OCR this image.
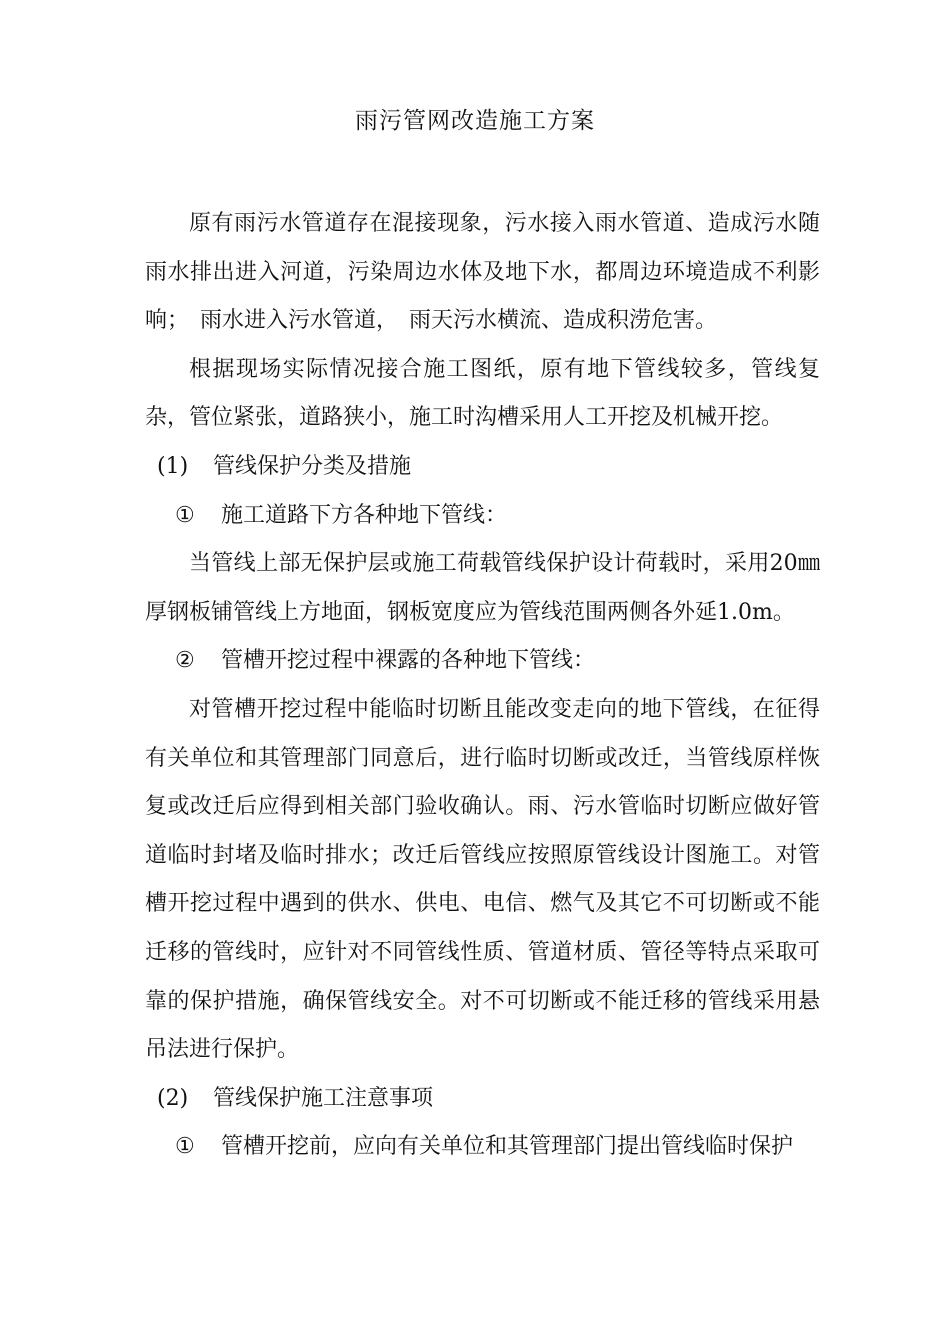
雨污管网改造施工方案

原有雨污水管道存在混接现象，污水接入雨水管道、造成污水随雨水排出进入河道，污染周边水体及地下水，都周边环境造成不利影响；　雨水进入污水管道，　雨天污水横流、造成积涝危害。

根据现场实际情况接合施工图纸，原有地下管线较多，管线复杂，管位紧张，道路狭小，施工时沟槽采用人工开挖及机械开挖。

(1) 管线保护分类及措施

① 施工道路下方各种地下管线：

当管线上部无保护层或施工荷载管线保护设计荷载时，采用20㎜厚钢板铺管线上方地面，钢板宽度应为管线范围两侧各外延1.0m。

② 管槽开挖过程中裸露的各种地下管线：

对管槽开挖过程中能临时切断且能改变走向的地下管线，在征得有关单位和其管理部门同意后，进行临时切断或改迁，当管线原样恢复或改迁后应得到相关部门验收确认。雨、污水管临时切断应做好管道临时封堵及临时排水；改迁后管线应按照原管线设计图施工。对管槽开挖过程中遇到的供水、供电、电信、燃气及其它不可切断或不能迁移的管线时，应针对不同管线性质、管道材质、管径等特点采取可靠的保护措施，确保管线安全。对不可切断或不能迁移的管线采用悬吊法进行保护。

(2) 管线保护施工注意事项

① 管槽开挖前，应向有关单位和其管理部门提出管线临时保护
